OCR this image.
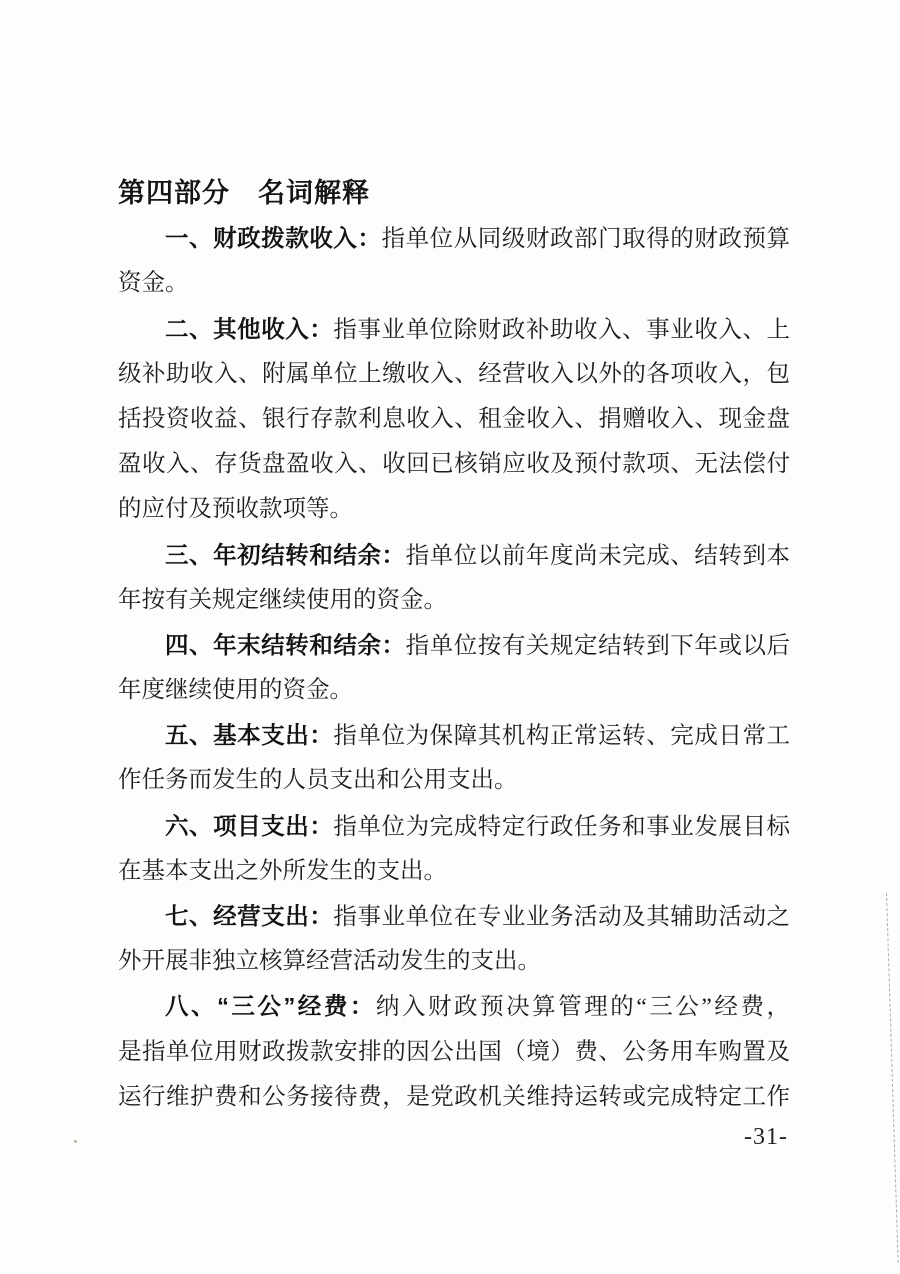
第四部分　名词解释
一、财政拨款收入：指单位从同级财政部门取得的财政预算
资金。
二、其他收入：指事业单位除财政补助收入、事业收入、上
级补助收入、附属单位上缴收入、经营收入以外的各项收入，包
括投资收益、银行存款利息收入、租金收入、捐赠收入、现金盘
盈收入、存货盘盈收入、收回已核销应收及预付款项、无法偿付
的应付及预收款项等。
三、年初结转和结余：指单位以前年度尚未完成、结转到本
年按有关规定继续使用的资金。
四、年末结转和结余：指单位按有关规定结转到下年或以后
年度继续使用的资金。
五、基本支出：指单位为保障其机构正常运转、完成日常工
作任务而发生的人员支出和公用支出。
六、项目支出：指单位为完成特定行政任务和事业发展目标
在基本支出之外所发生的支出。
七、经营支出：指事业单位在专业业务活动及其辅助活动之
外开展非独立核算经营活动发生的支出。
八、“三公”经费：纳入财政预决算管理的“三公”经费，
是指单位用财政拨款安排的因公出国（境）费、公务用车购置及
运行维护费和公务接待费，是党政机关维持运转或完成特定工作
-31-
